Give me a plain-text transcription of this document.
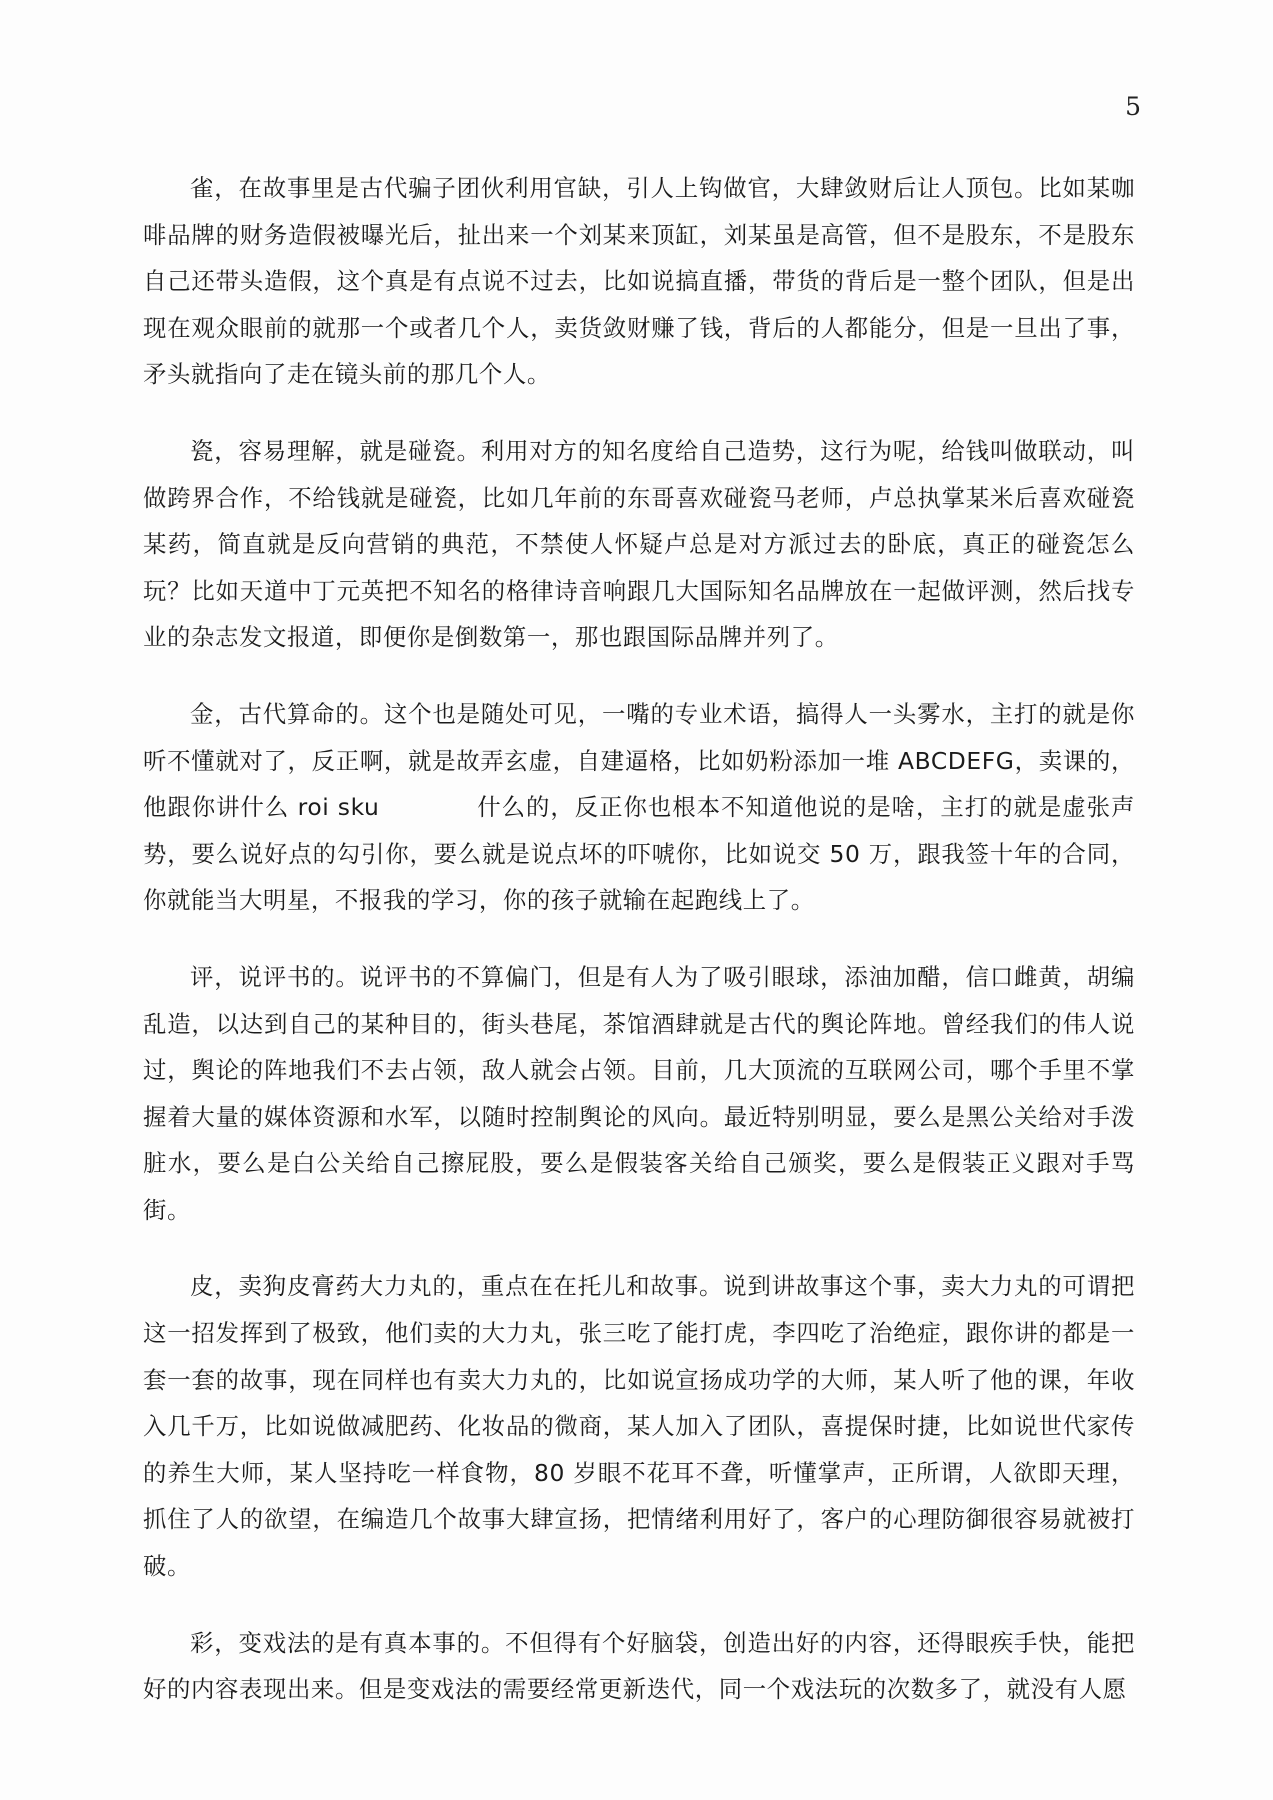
5

雀，在故事里是古代骗子团伙利用官缺，引人上钩做官，大肆敛财后让人顶包。比如某咖啡品牌的财务造假被曝光后，扯出来一个刘某来顶缸，刘某虽是高管，但不是股东，不是股东自己还带头造假，这个真是有点说不过去，比如说搞直播，带货的背后是一整个团队，但是出现在观众眼前的就那一个或者几个人，卖货敛财赚了钱，背后的人都能分，但是一旦出了事，矛头就指向了走在镜头前的那几个人。

瓷，容易理解，就是碰瓷。利用对方的知名度给自己造势，这行为呢，给钱叫做联动，叫做跨界合作，不给钱就是碰瓷，比如几年前的东哥喜欢碰瓷马老师，卢总执掌某米后喜欢碰瓷某药，简直就是反向营销的典范，不禁使人怀疑卢总是对方派过去的卧底，真正的碰瓷怎么玩？比如天道中丁元英把不知名的格律诗音响跟几大国际知名品牌放在一起做评测，然后找专业的杂志发文报道，即便你是倒数第一，那也跟国际品牌并列了。

金，古代算命的。这个也是随处可见，一嘴的专业术语，搞得人一头雾水，主打的就是你听不懂就对了，反正啊，就是故弄玄虚，自建逼格，比如奶粉添加一堆 ABCDEFG，卖课的，他跟你讲什么 roi sku　　　　什么的，反正你也根本不知道他说的是啥，主打的就是虚张声势，要么说好点的勾引你，要么就是说点坏的吓唬你，比如说交 50 万，跟我签十年的合同，你就能当大明星，不报我的学习，你的孩子就输在起跑线上了。

评，说评书的。说评书的不算偏门，但是有人为了吸引眼球，添油加醋，信口雌黄，胡编乱造，以达到自己的某种目的，街头巷尾，茶馆酒肆就是古代的舆论阵地。曾经我们的伟人说过，舆论的阵地我们不去占领，敌人就会占领。目前，几大顶流的互联网公司，哪个手里不掌握着大量的媒体资源和水军，以随时控制舆论的风向。最近特别明显，要么是黑公关给对手泼脏水，要么是白公关给自己擦屁股，要么是假装客关给自己颁奖，要么是假装正义跟对手骂街。

皮，卖狗皮膏药大力丸的，重点在在托儿和故事。说到讲故事这个事，卖大力丸的可谓把这一招发挥到了极致，他们卖的大力丸，张三吃了能打虎，李四吃了治绝症，跟你讲的都是一套一套的故事，现在同样也有卖大力丸的，比如说宣扬成功学的大师，某人听了他的课，年收入几千万，比如说做减肥药、化妆品的微商，某人加入了团队，喜提保时捷，比如说世代家传的养生大师，某人坚持吃一样食物，80 岁眼不花耳不聋，听懂掌声，正所谓，人欲即天理，抓住了人的欲望，在编造几个故事大肆宣扬，把情绪利用好了，客户的心理防御很容易就被打破。

彩，变戏法的是有真本事的。不但得有个好脑袋，创造出好的内容，还得眼疾手快，能把好的内容表现出来。但是变戏法的需要经常更新迭代，同一个戏法玩的次数多了，就没有人愿
